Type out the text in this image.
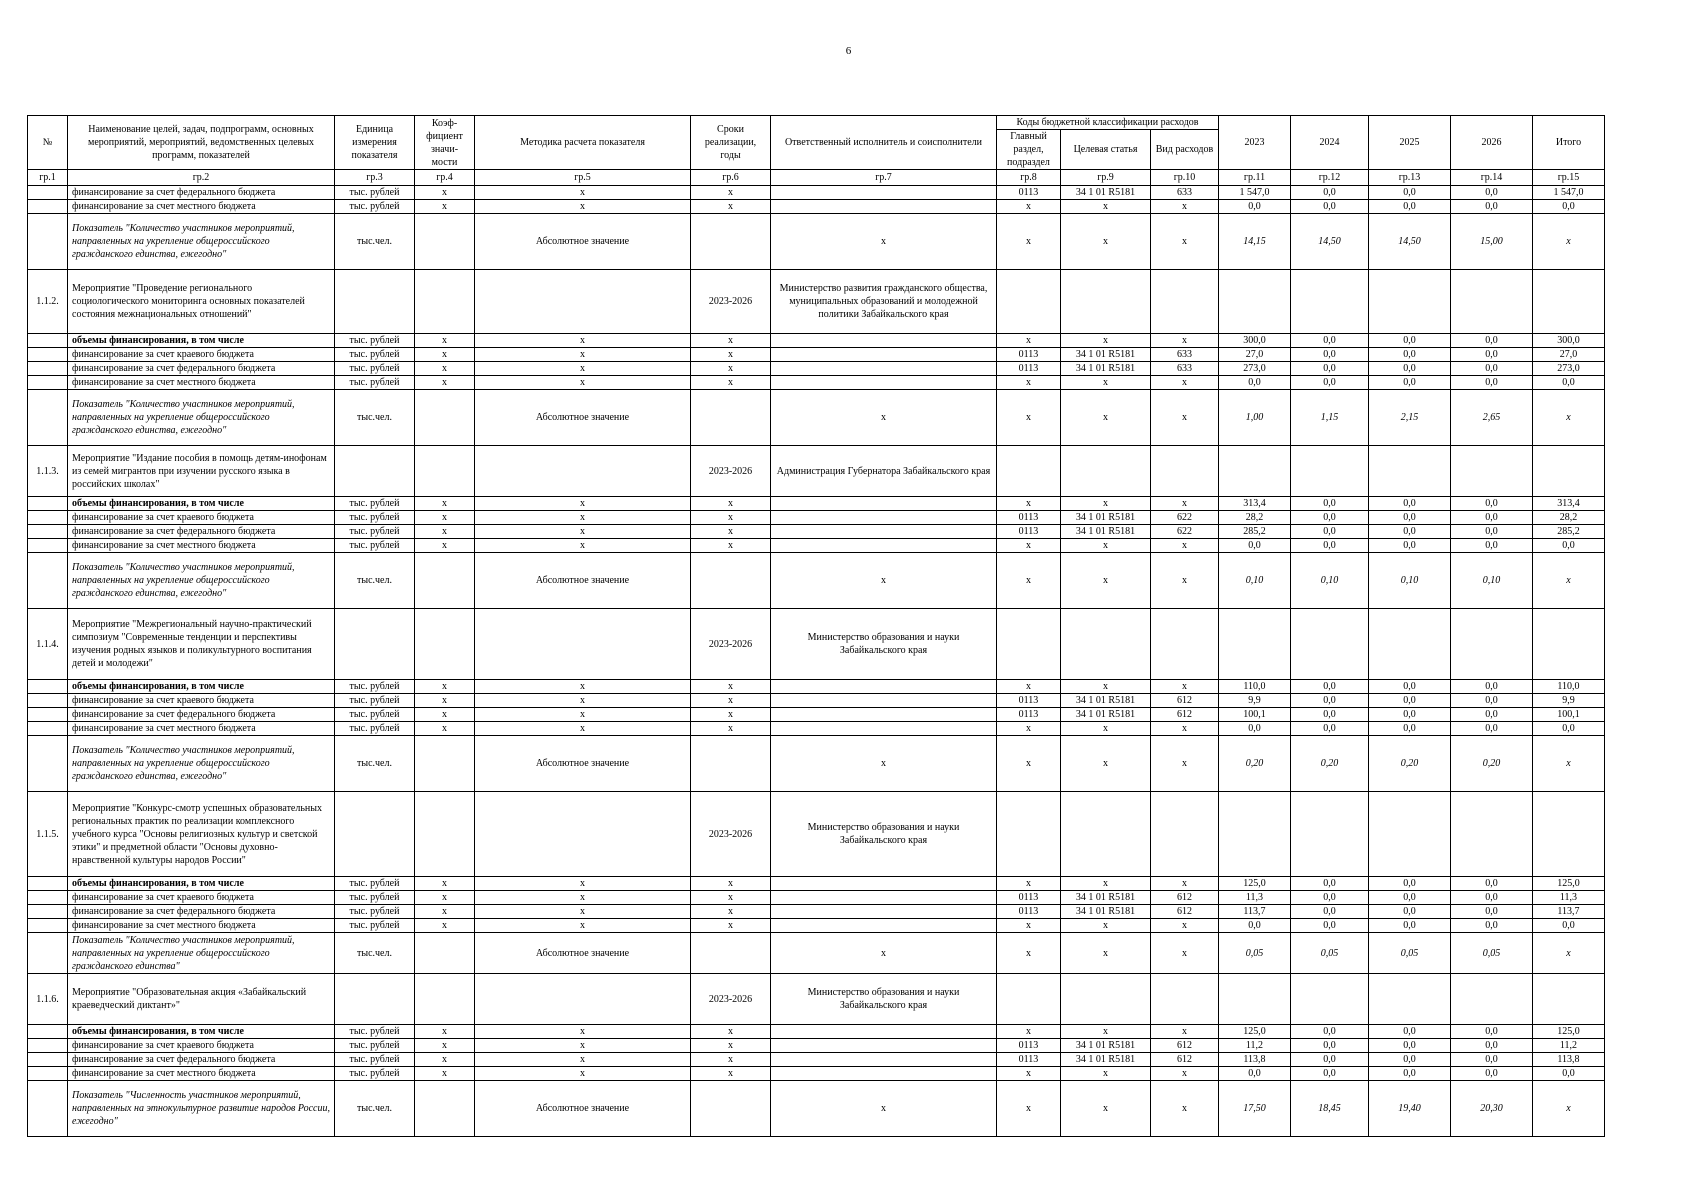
6
№	Наименование целей, задач, подпрограмм, основных мероприятий, мероприятий, ведомственных целевых программ, показателей	Единица измерения показателя	Коэф-фициент значи-мости	Методика расчета показателя	Сроки реализации, годы	Ответственный исполнитель и соисполнители	Коды бюджетной классификации расходов			2023	2024	2025	2026	Итого
							Главный раздел, подраздел	Целевая статья	Вид расходов					
гр.1	гр.2	гр.3	гр.4	гр.5	гр.6	гр.7	гр.8	гр.9	гр.10	гр.11	гр.12	гр.13	гр.14	гр.15
	финансирование за счет федерального бюджета	тыс. рублей	х	х	х		0113	34 1 01 R5181	633	1 547,0	0,0	0,0	0,0	1 547,0
	финансирование за счет местного бюджета	тыс. рублей	х	х	х		х	х	х	0,0	0,0	0,0	0,0	0,0
	Показатель "Количество участников мероприятий, направленных на укрепление общероссийского гражданского единства, ежегодно"	тыс.чел.		Абсолютное значение		х	х	х	х	14,15	14,50	14,50	15,00	х
1.1.2.	Мероприятие "Проведение регионального социологического мониторинга основных показателей состояния межнациональных отношений"				2023-2026	Министерство развития гражданского общества, муниципальных образований и молодежной политики Забайкальского края								
	объемы финансирования, в том числе	тыс. рублей	х	х	х		х	х	х	300,0	0,0	0,0	0,0	300,0
	финансирование за счет краевого бюджета	тыс. рублей	х	х	х		0113	34 1 01 R5181	633	27,0	0,0	0,0	0,0	27,0
	финансирование за счет федерального бюджета	тыс. рублей	х	х	х		0113	34 1 01 R5181	633	273,0	0,0	0,0	0,0	273,0
	финансирование за счет местного бюджета	тыс. рублей	х	х	х		х	х	х	0,0	0,0	0,0	0,0	0,0
	Показатель "Количество участников мероприятий, направленных на укрепление общероссийского гражданского единства, ежегодно"	тыс.чел.		Абсолютное значение		х	х	х	х	1,00	1,15	2,15	2,65	х
1.1.3.	Мероприятие "Издание пособия в помощь детям-инофонам из семей мигрантов при изучении русского языка в российских школах"				2023-2026	Администрация Губернатора Забайкальского края								
	объемы финансирования, в том числе	тыс. рублей	х	х	х		х	х	х	313,4	0,0	0,0	0,0	313,4
	финансирование за счет краевого бюджета	тыс. рублей	х	х	х		0113	34 1 01 R5181	622	28,2	0,0	0,0	0,0	28,2
	финансирование за счет федерального бюджета	тыс. рублей	х	х	х		0113	34 1 01 R5181	622	285,2	0,0	0,0	0,0	285,2
	финансирование за счет местного бюджета	тыс. рублей	х	х	х		х	х	х	0,0	0,0	0,0	0,0	0,0
	Показатель "Количество участников мероприятий, направленных на укрепление общероссийского гражданского единства, ежегодно"	тыс.чел.		Абсолютное значение		х	х	х	х	0,10	0,10	0,10	0,10	х
1.1.4.	Мероприятие "Межрегиональный научно-практический симпозиум "Современные тенденции и перспективы изучения родных языков и поликультурного воспитания детей и молодежи"				2023-2026	Министерство образования и науки Забайкальского края								
	объемы финансирования, в том числе	тыс. рублей	х	х	х		х	х	х	110,0	0,0	0,0	0,0	110,0
	финансирование за счет краевого бюджета	тыс. рублей	х	х	х		0113	34 1 01 R5181	612	9,9	0,0	0,0	0,0	9,9
	финансирование за счет федерального бюджета	тыс. рублей	х	х	х		0113	34 1 01 R5181	612	100,1	0,0	0,0	0,0	100,1
	финансирование за счет местного бюджета	тыс. рублей	х	х	х		х	х	х	0,0	0,0	0,0	0,0	0,0
	Показатель "Количество участников мероприятий, направленных на укрепление общероссийского гражданского единства, ежегодно"	тыс.чел.		Абсолютное значение		х	х	х	х	0,20	0,20	0,20	0,20	х
1.1.5.	Мероприятие "Конкурс-смотр успешных образовательных региональных практик по реализации комплексного учебного курса "Основы религиозных культур и светской этики" и предметной области "Основы духовно- нравственной культуры народов России"				2023-2026	Министерство образования и науки Забайкальского края								
	объемы финансирования, в том числе	тыс. рублей	х	х	х		х	х	х	125,0	0,0	0,0	0,0	125,0
	финансирование за счет краевого бюджета	тыс. рублей	х	х	х		0113	34 1 01 R5181	612	11,3	0,0	0,0	0,0	11,3
	финансирование за счет федерального бюджета	тыс. рублей	х	х	х		0113	34 1 01 R5181	612	113,7	0,0	0,0	0,0	113,7
	финансирование за счет местного бюджета	тыс. рублей	х	х	х		х	х	х	0,0	0,0	0,0	0,0	0,0
	Показатель "Количество участников мероприятий, направленных на укрепление общероссийского гражданского единства"	тыс.чел.		Абсолютное значение		х	х	х	х	0,05	0,05	0,05	0,05	х
1.1.6.	Мероприятие "Образовательная акция «Забайкальский краеведческий диктант»"				2023-2026	Министерство образования и науки Забайкальского края								
	объемы финансирования, в том числе	тыс. рублей	х	х	х		х	х	х	125,0	0,0	0,0	0,0	125,0
	финансирование за счет краевого бюджета	тыс. рублей	х	х	х		0113	34 1 01 R5181	612	11,2	0,0	0,0	0,0	11,2
	финансирование за счет федерального бюджета	тыс. рублей	х	х	х		0113	34 1 01 R5181	612	113,8	0,0	0,0	0,0	113,8
	финансирование за счет местного бюджета	тыс. рублей	х	х	х		х	х	х	0,0	0,0	0,0	0,0	0,0
	Показатель "Численность участников мероприятий, направленных на этнокультурное развитие народов России, ежегодно"	тыс.чел.		Абсолютное значение		х	х	х	х	17,50	18,45	19,40	20,30	х
